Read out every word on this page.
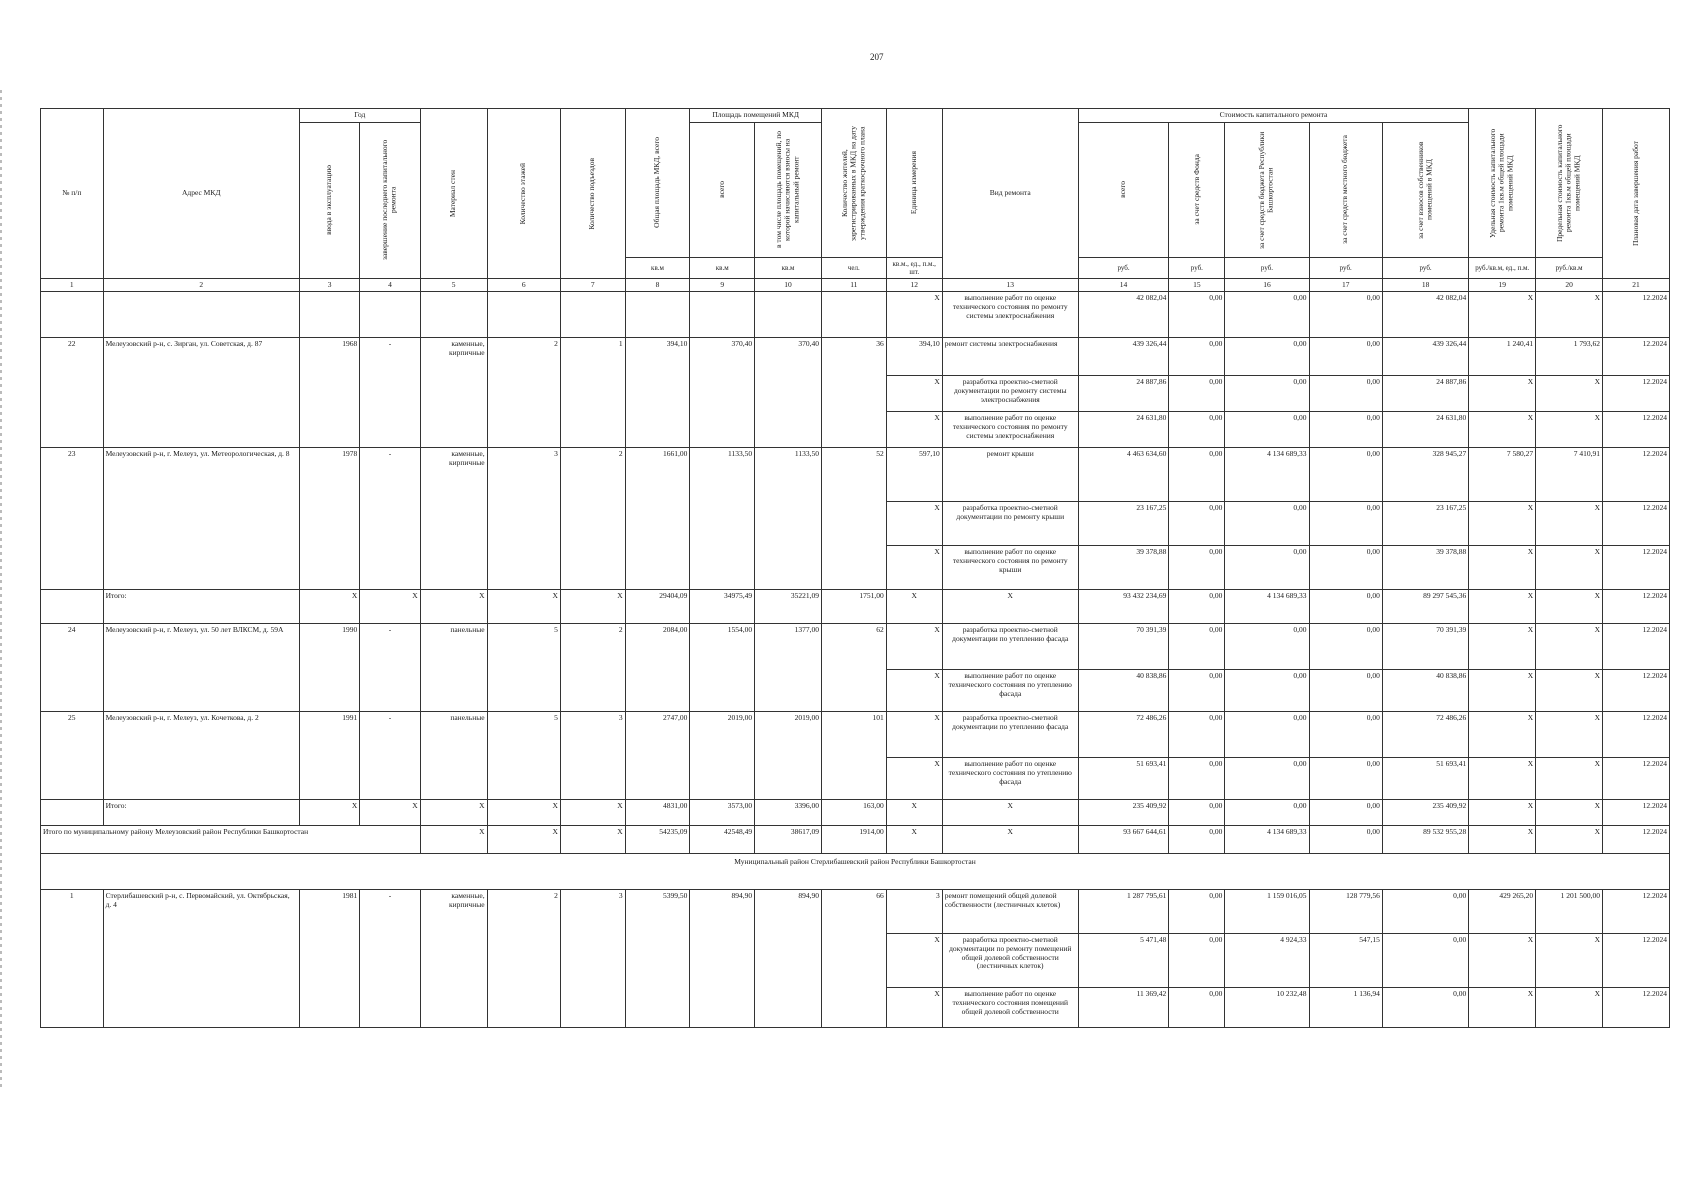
207
№ п/п	Адрес МКД	Год		Материал стен	Количество этажей	Количество подъездов	Общая площадь МКД, всего	Площадь помещений МКД		Количество жителей, зарегистрированных в МКД на дату утверждения краткосрочного плана	Единица измерения	Вид ремонта	Стоимость капитального ремонта					Удельная стоимость капитального ремонта 1кв.м общей площади помещений МКД	Предельная стоимость капитального ремонта 1кв.м общей площади помещений МКД	Плановая дата завершения работ

		ввода в эксплуатацию	завершение последнего капитального ремонта					всего	в том числе площадь помещений, по которой начисляются взносы на капитальный ремонт				всего	за счет средств Фонда	за счет средств бюджета Республики Башкортостан	за счет средств местного бюджета	за счет взносов собственников помещений в МКД			

							кв.м	кв.м	кв.м	чел.	кв.м., ед., п.м., шт.		руб.	руб.	руб.	руб.	руб.	руб./кв.м, ед., п.м.	руб./кв.м	
1	2	3	4	5	6	7	8	9	10	11	12	13	14	15	16	17	18	19	20	21
											X	выполнение работ по оценке технического состояния по ремонту системы электроснабжения	42 082,04	0,00	0,00	0,00	42 082,04	X	X	12.2024
22	Мелеузовский р-н, с. Зирган, ул. Советская, д. 87	1968	-	каменные, кирпичные	2	1	394,10	370,40	370,40	36	394,10	ремонт системы электроснабжения	439 326,44	0,00	0,00	0,00	439 326,44	1 240,41	1 793,62	12.2024
											X	разработка проектно-сметной документации по ремонту системы электроснабжения	24 887,86	0,00	0,00	0,00	24 887,86	X	X	12.2024
											X	выполнение работ по оценке технического состояния по ремонту системы электроснабжения	24 631,80	0,00	0,00	0,00	24 631,80	X	X	12.2024
23	Мелеузовский р-н, г. Мелеуз, ул. Метеорологическая, д. 8	1978	-	каменные, кирпичные	3	2	1661,00	1133,50	1133,50	52	597,10	ремонт крыши	4 463 634,60	0,00	4 134 689,33	0,00	328 945,27	7 580,27	7 410,91	12.2024
											X	разработка проектно-сметной документации по ремонту крыши	23 167,25	0,00	0,00	0,00	23 167,25	X	X	12.2024
											X	выполнение работ по оценке технического состояния по ремонту крыши	39 378,88	0,00	0,00	0,00	39 378,88	X	X	12.2024
	Итого:	X	X	X	X	X	29404,09	34975,49	35221,09	1751,00	X	X	93 432 234,69	0,00	4 134 689,33	0,00	89 297 545,36	X	X	12.2024
24	Мелеузовский р-н, г. Мелеуз, ул. 50 лет ВЛКСМ, д. 59А	1990	-	панельные	5	2	2084,00	1554,00	1377,00	62	X	разработка проектно-сметной документации по утеплению фасада	70 391,39	0,00	0,00	0,00	70 391,39	X	X	12.2024
											X	выполнение работ по оценке технического состояния по утеплению фасада	40 838,86	0,00	0,00	0,00	40 838,86	X	X	12.2024
25	Мелеузовский р-н, г. Мелеуз, ул. Кочеткова, д. 2	1991	-	панельные	5	3	2747,00	2019,00	2019,00	101	X	разработка проектно-сметной документации по утеплению фасада	72 486,26	0,00	0,00	0,00	72 486,26	X	X	12.2024
											X	выполнение работ по оценке технического состояния по утеплению фасада	51 693,41	0,00	0,00	0,00	51 693,41	X	X	12.2024
	Итого:	X	X	X	X	X	4831,00	3573,00	3396,00	163,00	X	X	235 409,92	0,00	0,00	0,00	235 409,92	X	X	12.2024
Итого по муниципальному району Мелеузовский район Республики Башкортостан				X	X	X	54235,09	42548,49	38617,09	1914,00	X	X	93 667 644,61	0,00	4 134 689,33	0,00	89 532 955,28	X	X	12.2024
Муниципальный район Стерлибашевский район Республики Башкортостан																				
1	Стерлибашевский р-н, с. Первомайский, ул. Октябрьская, д. 4	1981	-	каменные, кирпичные	2	3	5399,50	894,90	894,90	66	3	ремонт помещений общей долевой собственности (лестничных клеток)	1 287 795,61	0,00	1 159 016,05	128 779,56	0,00	429 265,20	1 201 500,00	12.2024
											X	разработка проектно-сметной документации по ремонту помещений общей долевой собственности (лестничных клеток)	5 471,48	0,00	4 924,33	547,15	0,00	X	X	12.2024
											X	выполнение работ по оценке технического состояния помещений общей долевой собственности	11 369,42	0,00	10 232,48	1 136,94	0,00	X	X	12.2024
